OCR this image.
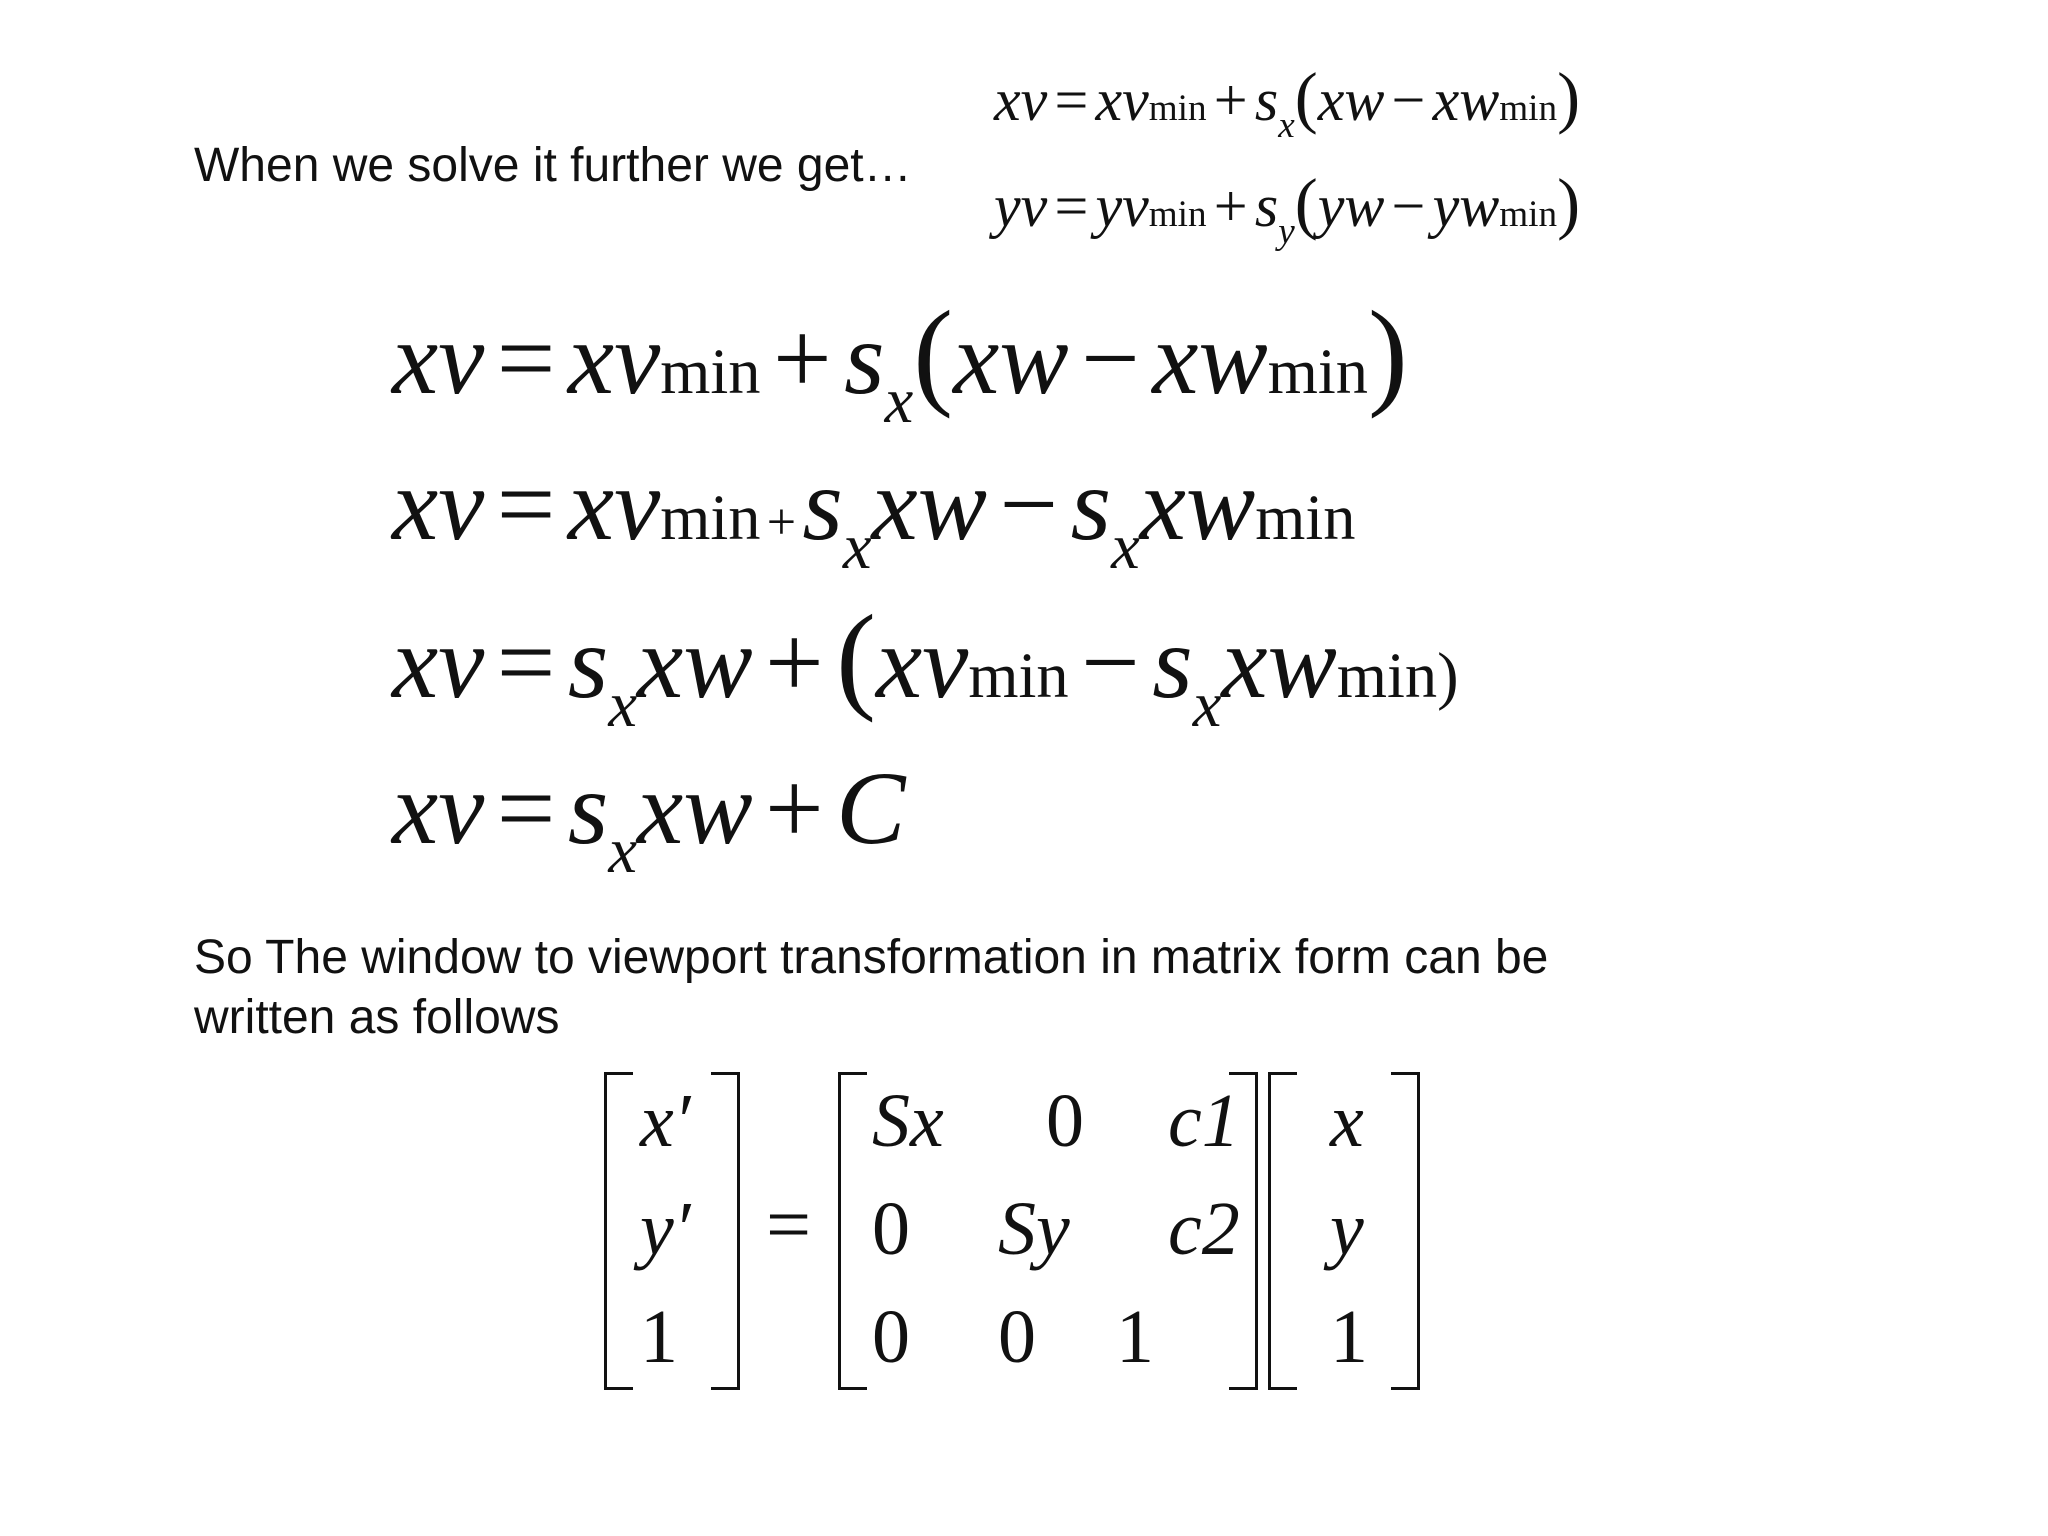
When we solve it further we get…
xv = $xvmin + s_x(xw - xwmin)$
yv = $yvmin + s_y(yw - ywmin)$
xv = $xvmin + s_x(xw - xwmin)$
xv = $xvmin +s_xxw - s_xxwmin$
xv = $s_xxw + (xvmin - s_xxwmin)$
xv = $s_xxw + C$
So The window to viewport transformation in matrix form can be written as follows
x′
y′
1
=
Sx 0 c1
0 Sy c2
0 0 1
x
y
1
